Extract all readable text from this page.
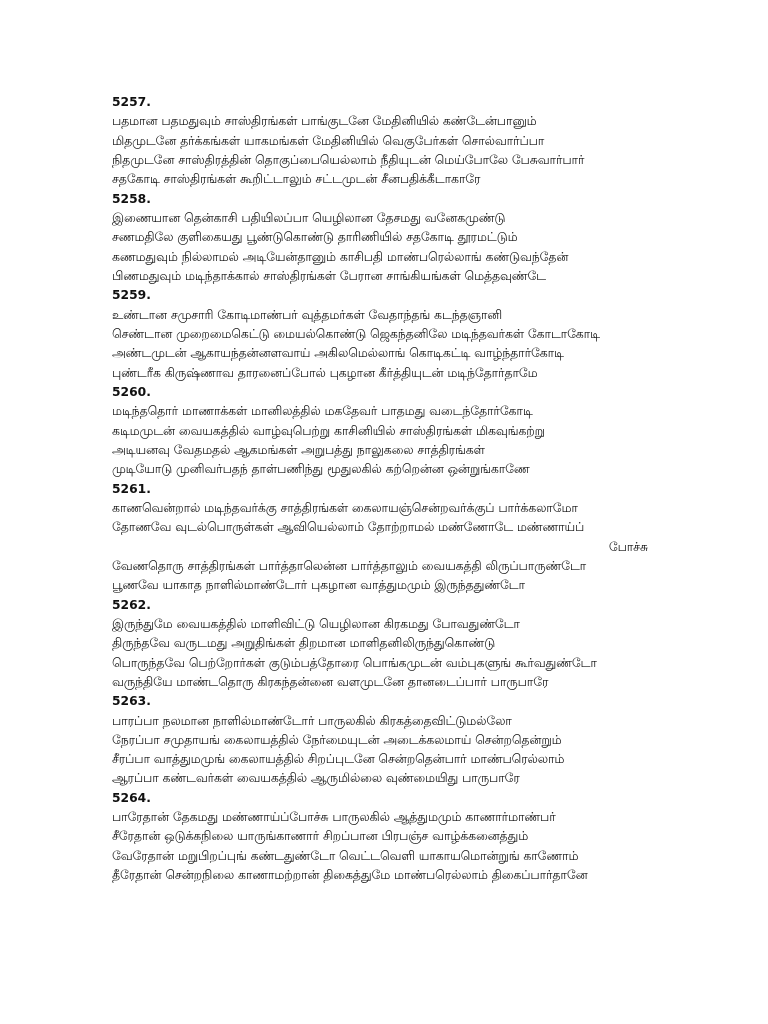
5257.
பதமான பதமதுவும் சாஸ்திரங்கள் பாங்குடனே மேதினியில் கண்டேன்பானும்
மிதமுடனே தர்க்கங்கள் யாகமங்கள் மேதினியில் வெகுபேர்கள் சொல்வார்ப்பா
நிதமுடனே சாஸ்திரத்தின் தொகுப்பையெல்லாம் நீதியுடன் மெய்போலே பேசுவார்பார்
சதகோடி சாஸ்திரங்கள் கூறிட்டாலும் சட்டமுடன் சீனபதிக்கீடாகாரே
5258.
இணையான தென்காசி பதியிலப்பா யெழிலான தேசமது வனேகமுண்டு
சணமதிலே குளிகையது பூண்டுகொண்டு தாரிணியில் சதகோடி தூரமட்டும்
கணமதுவும் நில்லாமல் அடியேன்தானும் காசிபதி மாண்பரெல்லாங் கண்டுவந்தேன்
பிணமதுவும் மடிந்தாக்கால் சாஸ்திரங்கள் பேரான சாங்கியங்கள் மெத்தவுண்டே
5259.
உண்டான சமுசாரி கோடிமாண்பர் வுத்தமர்கள் வேதாந்தங் கடந்தஞானி
செண்டான முறைமைகெட்டு மையல்கொண்டு ஜெகந்தனிலே மடிந்தவர்கள் கோடாகோடி
அண்டமுடன் ஆகாயந்தன்னளவாய் அகிலமெல்லாங் கொடிகட்டி வாழ்ந்தார்கோடி
புண்டரீக கிருஷ்ணாவ தாரனைப்போல் புகழான கீர்த்தியுடன் மடிந்தோர்தாமே
5260.
மடிந்ததொர் மாணாக்கள் மானிலத்தில் மகதேவர் பாதமது வடைந்தோர்கோடி
கடிமமுடன் வையகத்தில் வாழ்வுபெற்று காசினியில் சாஸ்திரங்கள் மிகவுங்கற்று
அடியனவு வேதமதல் ஆகமங்கள் அறுபத்து நாலுகலை சாத்திரங்கள்
முடியோடு முனிவர்பதந் தாள்பணிந்து மூதுலகில் கற்றென்ன ஒன்றுங்காணே
5261.
காணவென்றால் மடிந்தவர்க்கு சாத்திரங்கள் கைலாயஞ்சென்றவர்க்குப் பார்க்கலாமோ
தோணவே வுடல்பொருள்கள் ஆவியெல்லாம் தோற்றாமல் மண்ணோடே மண்ணாய்ப்
போச்சு
வேணதொரு சாத்திரங்கள் பார்த்தாலென்ன பார்த்தாலும் வையகத்தி லிருப்பாருண்டோ
பூணவே யாகாத நாளில்மாண்டோர் புகழான வாத்துமமும் இருந்ததுண்டோ
5262.
இருந்துமே வையகத்தில் மாளிவிட்டு யெழிலான கிரகமது போவதுண்டோ
திருந்தவே வருடமது அறுதிங்கள் திறமான மாளிதனிலிருந்துகொண்டு
பொருந்தவே பெற்றோர்கள் குடும்பத்தோரை பொங்கமுடன் வம்புகளுங் கூர்வதுண்டோ
வருந்தியே மாண்டதொரு கிரகந்தன்னை வளமுடனே தானடைப்பார் பாருபாரே
5263.
பாரப்பா நலமான நாளில்மாண்டோர் பாருலகில் கிரகத்தைவிட்டுமல்லோ
நேரப்பா சமுதாயங் கைலாயத்தில் நேர்மையுடன் அடைக்கலமாய் சென்றதென்றும்
சீரப்பா வாத்துமமுங் கைலாயத்தில் சிறப்புடனே சென்றதென்பார் மாண்பரெல்லாம்
ஆரப்பா கண்டவர்கள் வையகத்தில் ஆருமில்லை வுண்மையிது பாருபாரே
5264.
பாரேதான் தேகமது மண்ணாய்ப்போச்சு பாருலகில் ஆத்துமமும் காணார்மாண்பர்
சீரேதான் ஒடுக்கநிலை யாருங்காணார் சிறப்பான பிரபஞ்ச வாழ்க்கனைத்தும்
வேரேதான் மறுபிறப்புங் கண்டதுண்டோ வெட்டவெளி யாகாயமொன்றுங் காணோம்
தீரேதான் சென்றநிலை காணாமற்றான் திகைத்துமே மாண்பரெல்லாம் திகைப்பார்தானே
